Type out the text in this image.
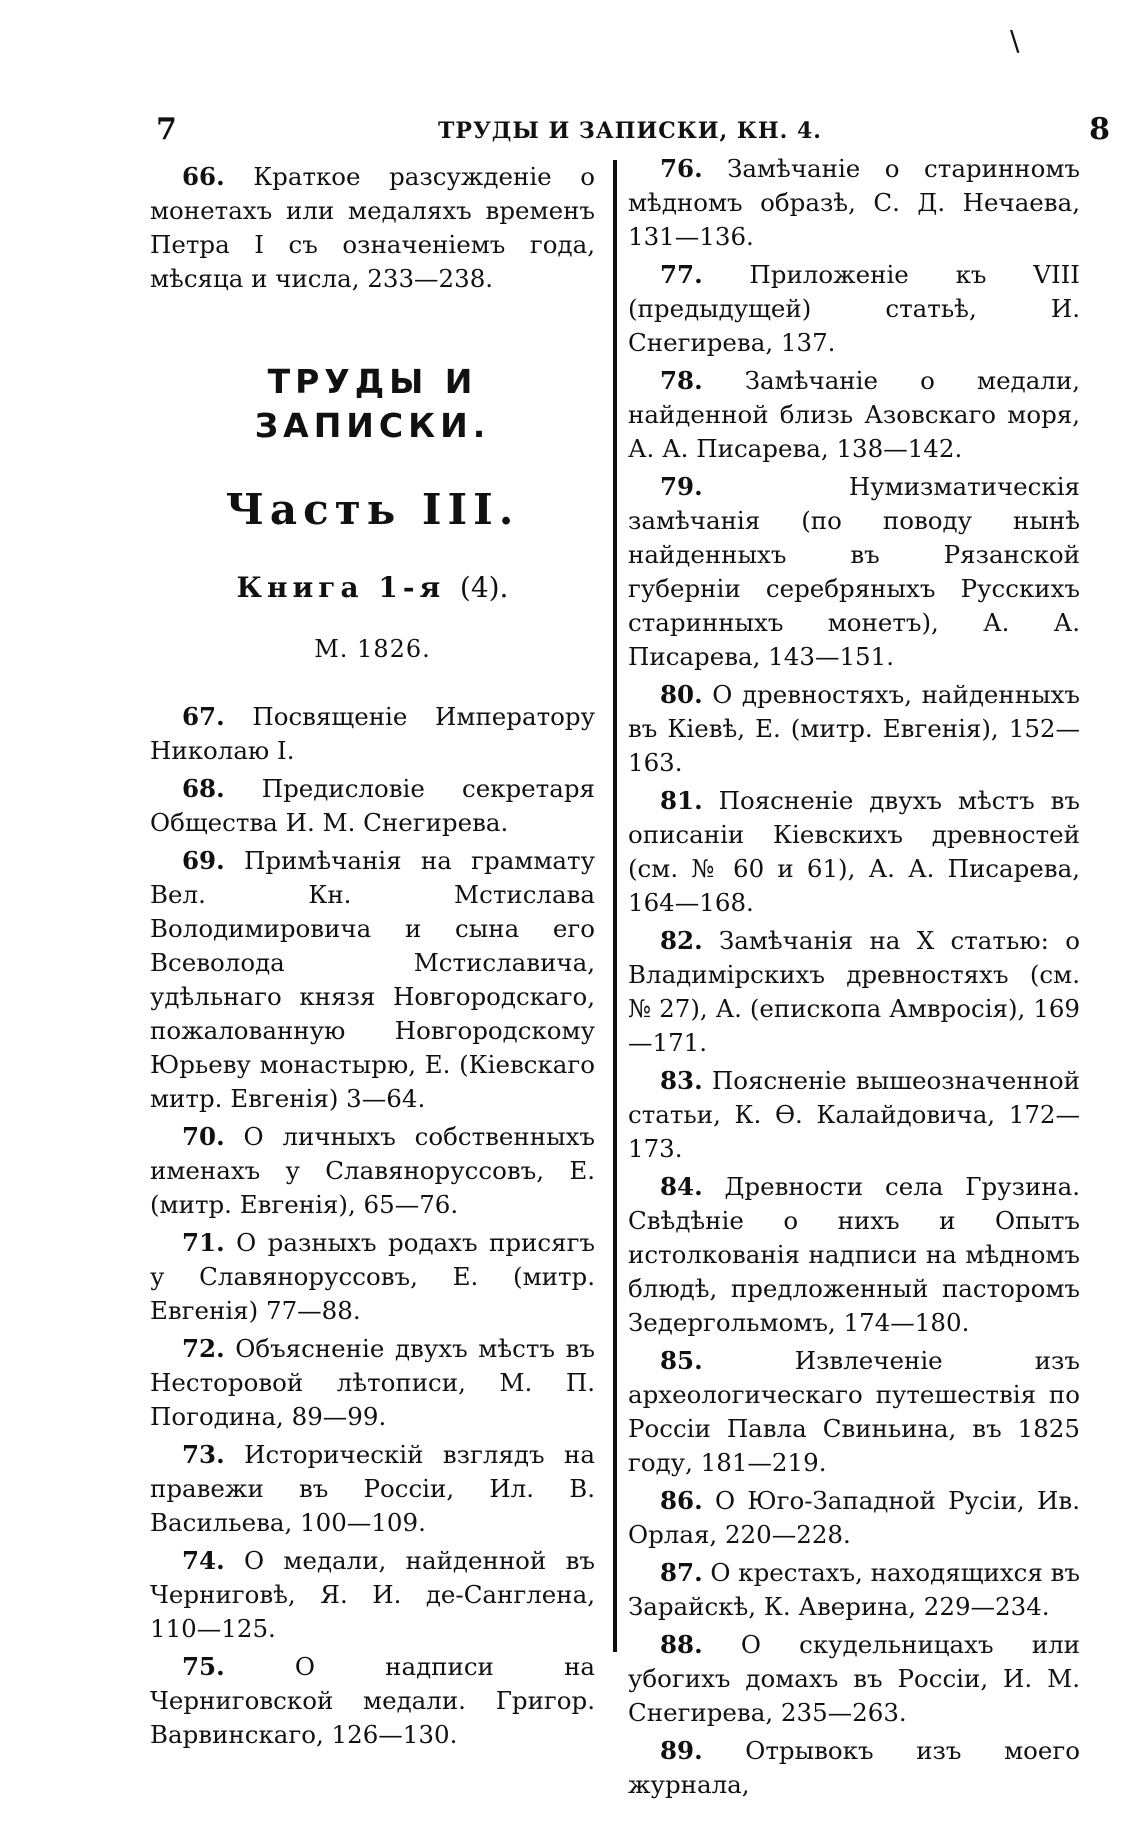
\
7	ТРУДЫ И ЗАПИСКИ, КН. 4.	8

66. Краткое разсужденіе о монетахъ или медаляхъ временъ Петра I съ означеніемъ года, мѣсяца и числа, 233—238.

ТРУДЫ И ЗАПИСКИ.
Часть III.
Книга 1-я (4).
М. 1826.

67. Посвященіе Императору Николаю I.

68. Предисловіе секретаря Общества И. М. Снегирева.

69. Примѣчанія на граммату Вел. Кн. Мстислава Володимировича и сына его Всеволода Мстиславича, удѣльнаго князя Новгородскаго, пожалованную Новгородскому Юрьеву монастырю, Е. (Кіевскаго митр. Евгенія) 3—64.

70. О личныхъ собственныхъ именахъ у Славяноруссовъ, Е. (митр. Евгенія), 65—76.

71. О разныхъ родахъ присягъ у Славяноруссовъ, Е. (митр. Евгенія) 77—88.

72. Объясненіе двухъ мѣстъ въ Несторовой лѣтописи, М. П. Погодина, 89—99.

73. Историческій взглядъ на правежи въ Россіи, Ил. В. Васильева, 100—109.

74. О медали, найденной въ Черниговѣ, Я. И. де-Санглена, 110—125.

75.	О надписи на Черниговской медали. Григор. Варвинскаго, 126—130.

76. Замѣчаніе о старинномъ мѣдномъ образѣ, С. Д. Нечаева, 131—136.

77. Приложеніе къ VIII (предыдущей) статьѣ, И. Снегирева, 137.

78. Замѣчаніе о медали, найденной близь Азовскаго моря, А. А. Писарева, 138—142.

79.	Нумизматическія замѣчанія (по поводу нынѣ найденныхъ въ Рязанской губерніи серебряныхъ Русскихъ старинныхъ монетъ), А. А. Писарева, 143—151.

80. О древностяхъ, найденныхъ въ Кіевѣ, Е. (митр. Евгенія), 152—163.

81. Поясненіе двухъ мѣстъ въ описаніи Кіевскихъ древностей (см. № 60 и 61), А. А. Писарева, 164—168.

82. Замѣчанія на X статью: о Владимірскихъ древностяхъ (см. № 27), А. (епископа Амвросія), 169—171.

83. Поясненіе вышеозначенной статьи, К. Ѳ. Калайдовича, 172—173.

84. Древности села Грузина. Свѣдѣніе о нихъ и Опытъ истолкованія надписи на мѣдномъ блюдѣ, предложенный пасторомъ Зедергольмомъ, 174—180.

85.	Извлеченіе изъ археологическаго путешествія по Россіи Павла Свиньина, въ 1825 году, 181—219.

86. О Юго-Западной Русіи, Ив. Орлая, 220—228.

87. О крестахъ, находящихся въ Зарайскѣ, К. Аверина, 229—234.

88. О скудельницахъ или убогихъ домахъ въ Россіи, И. М. Снегирева, 235—263.

89. Отрывокъ изъ моего журнала,
